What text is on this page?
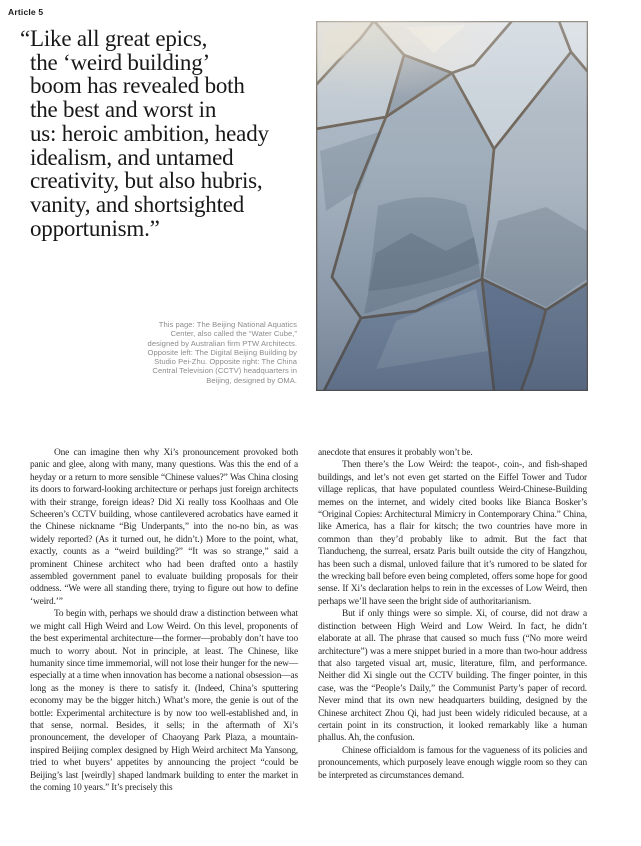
Article 5
“Like all great epics,
the ‘weird building’
boom has revealed both
the best and worst in
us: heroic ambition, heady
idealism, and untamed
creativity, but also hubris,
vanity, and shortsighted
opportunism.”
This page: The Beijing National Aquatics
Center, also called the “Water Cube,”
designed by Australian firm PTW Architects.
Opposite left: The Digital Beijing Building by
Studio Pei-Zhu. Opposite right: The China
Central Television (CCTV) headquarters in
Beijing, designed by OMA.

One can imagine then why Xi’s pronouncement provoked both panic and glee, along with many, many questions. Was this the end of a heyday or a return to more sensible “Chinese values?” Was China closing its doors to forward-looking architecture or perhaps just foreign architects with their strange, foreign ideas? Did Xi really toss Koolhaas and Ole Scheeren’s CCTV building, whose cantilevered acrobatics have earned it the Chinese nickname “Big Underpants,” into the no-no bin, as was widely reported? (As it turned out, he didn’t.) More to the point, what, exactly, counts as a “weird building?” “It was so strange,” said a prominent Chinese architect who had been drafted onto a hastily assembled government panel to evaluate building proposals for their oddness. “We were all standing there, trying to figure out how to define ‘weird.’”

To begin with, perhaps we should draw a distinction between what we might call High Weird and Low Weird. On this level, proponents of the best experimental architecture—the former—probably don’t have too much to worry about. Not in principle, at least. The Chinese, like humanity since time immemorial, will not lose their hunger for the new—especially at a time when innovation has become a national obsession—as long as the money is there to satisfy it. (Indeed, China’s sputtering economy may be the bigger hitch.) What’s more, the genie is out of the bottle: Experimental architecture is by now too well-established and, in that sense, normal. Besides, it sells; in the aftermath of Xi’s pronouncement, the developer of Chaoyang Park Plaza, a mountain-inspired Beijing complex designed by High Weird architect Ma Yansong, tried to whet buyers’ appetites by announcing the project “could be Beijing’s last [weirdly] shaped landmark building to enter the market in the coming 10 years.” It’s precisely this

anecdote that ensures it probably won’t be.

Then there’s the Low Weird: the teapot-, coin-, and fish-shaped buildings, and let’s not even get started on the Eiffel Tower and Tudor village replicas, that have populated countless Weird-Chinese-Building memes on the internet, and widely cited books like Bianca Bosker’s “Original Copies: Architectural Mimicry in Contemporary China.” China, like America, has a flair for kitsch; the two countries have more in common than they’d probably like to admit. But the fact that Tianducheng, the surreal, ersatz Paris built outside the city of Hangzhou, has been such a dismal, unloved failure that it’s rumored to be slated for the wrecking ball before even being completed, offers some hope for good sense. If Xi’s declaration helps to rein in the excesses of Low Weird, then perhaps we’ll have seen the bright side of authoritarianism.

But if only things were so simple. Xi, of course, did not draw a distinction between High Weird and Low Weird. In fact, he didn’t elaborate at all. The phrase that caused so much fuss (“No more weird architecture”) was a mere snippet buried in a more than two-hour address that also targeted visual art, music, literature, film, and performance. Neither did Xi single out the CCTV building. The finger pointer, in this case, was the “People’s Daily,” the Communist Party’s paper of record. Never mind that its own new headquarters building, designed by the Chinese architect Zhou Qi, had just been widely ridiculed because, at a certain point in its construction, it looked remarkably like a human phallus. Ah, the confusion.

Chinese officialdom is famous for the vagueness of its policies and pronouncements, which purposely leave enough wiggle room so they can be interpreted as circumstances demand.
